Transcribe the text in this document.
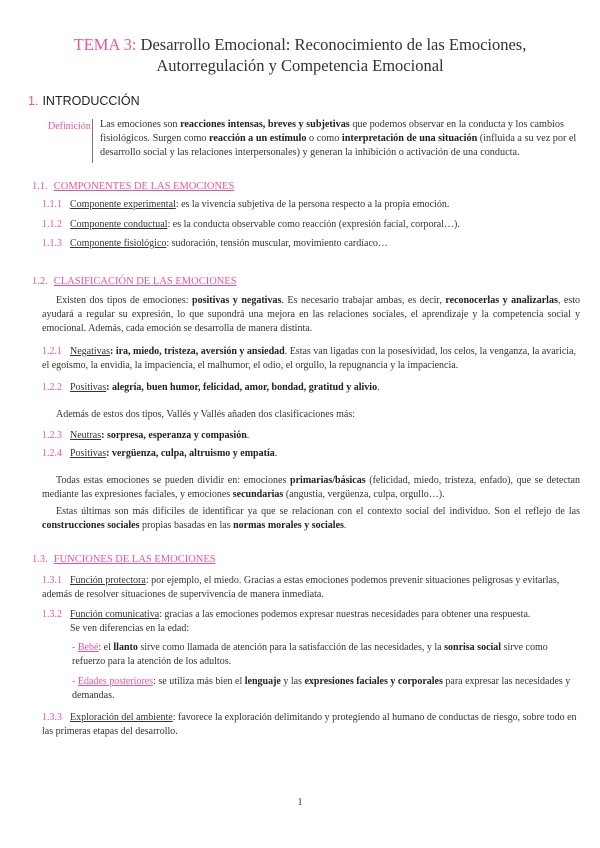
TEMA 3: Desarrollo Emocional: Reconocimiento de las Emociones,
Autorregulación y Competencia Emocional
1. INTRODUCCIÓN
Definición Las emociones son reacciones intensas, breves y subjetivas que podemos observar en la conducta y los cambios fisiológicos. Surgen como reacción a un estímulo o como interpretación de una situación (influida a su vez por el desarrollo social y las relaciones interpersonales) y generan la inhibición o activación de una conducta.
1.1. COMPONENTES DE LAS EMOCIONES
1.1.1 Componente experimental: es la vivencia subjetiva de la persona respecto a la propia emoción.
1.1.2 Componente conductual: es la conducta observable como reacción (expresión facial, corporal…).
1.1.3 Componente fisiológico: sudoración, tensión muscular, movimiento cardíaco…
1.2. CLASIFICACIÓN DE LAS EMOCIONES
Existen dos tipos de emociones: positivas y negativas. Es necesario trabajar ambas, es decir, reconocerlas y analizarlas, esto ayudará a regular su expresión, lo que supondrá una mejora en las relaciones sociales, el aprendizaje y la competencia social y emocional. Además, cada emoción se desarrolla de manera distinta.
1.2.1 Negativas: ira, miedo, tristeza, aversión y ansiedad. Estas van ligadas con la posesividad, los celos, la venganza, la avaricia, el egoísmo, la envidia, la impaciencia, el malhumor, el odio, el orgullo, la repugnancia y la impaciencia.
1.2.2 Positivas: alegría, buen humor, felicidad, amor, bondad, gratitud y alivio.
Además de estos dos tipos, Vallés y Vallés añaden dos clasificaciones más:
1.2.3 Neutras: sorpresa, esperanza y compasión.
1.2.4 Positivas: vergüenza, culpa, altruismo y empatía.
Todas estas emociones se pueden dividir en: emociones primarias/básicas (felicidad, miedo, tristeza, enfado), que se detectan mediante las expresiones faciales, y emociones secundarias (angustia, vergüenza, culpa, orgullo…).
Estas últimas son más difíciles de identificar ya que se relacionan con el contexto social del individuo. Son el reflejo de las construcciones sociales propias basadas en las normas morales y sociales.
1.3. FUNCIONES DE LAS EMOCIONES
1.3.1 Función protectora: por ejemplo, el miedo. Gracias a estas emociones podemos prevenir situaciones peligrosas y evitarlas, además de resolver situaciones de supervivencia de manera inmediata.
1.3.2 Función comunicativa: gracias a las emociones podemos expresar nuestras necesidades para obtener una respuesta.
Se ven diferencias en la edad:
- Bebé: el llanto sirve como llamada de atención para la satisfacción de las necesidades, y la sonrisa social sirve como refuerzo para la atención de los adultos.
- Edades posteriores: se utiliza más bien el lenguaje y las expresiones faciales y corporales para expresar las necesidades y demandas.
1.3.3 Exploración del ambiente: favorece la exploración delimitando y protegiendo al humano de conductas de riesgo, sobre todo en las primeras etapas del desarrollo.
1
